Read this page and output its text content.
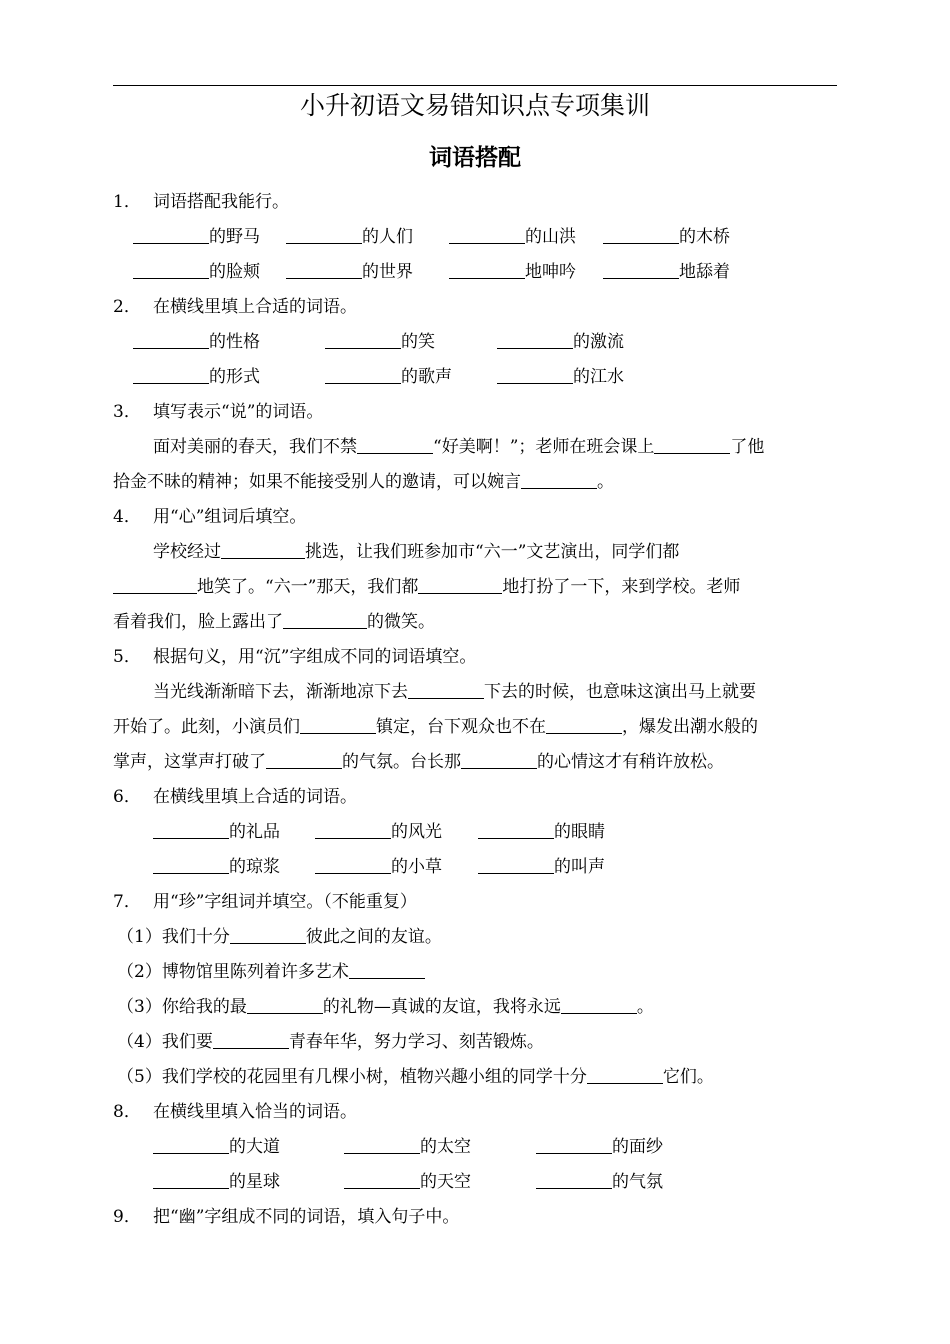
小升初语文易错知识点专项集训
词语搭配
1． 词语搭配我能行。
的野马	的人们	的山洪	的木桥
的脸颊	的世界	地呻吟	地舔着
2． 在横线里填上合适的词语。
的性格	的笑	的激流
的形式	的歌声	的江水
3． 填写表示“说”的词语。
面对美丽的春天，我们不禁	“好美啊！”；老师在班会课上	了他
拾金不昧的精神；如果不能接受别人的邀请，可以婉言	。
4． 用“心”组词后填空。
学校经过	挑选，让我们班参加市“六一”文艺演出，同学们都
地笑了。“六一”那天，我们都	地打扮了一下，来到学校。老师
看着我们，脸上露出了	的微笑。
5． 根据句义，用“沉”字组成不同的词语填空。
当光线渐渐暗下去，渐渐地凉下去	下去的时候，也意味这演出马上就要
开始了。此刻，小演员们	镇定，台下观众也不在	，爆发出潮水般的
掌声，这掌声打破了	的气氛。台长那	的心情这才有稍许放松。
6． 在横线里填上合适的词语。
的礼品	的风光	的眼睛
的琼浆	的小草	的叫声
7． 用“珍”字组词并填空。（不能重复）
（1）我们十分	彼此之间的友谊。
（2）博物馆里陈列着许多艺术
（3）你给我的最	的礼物—真诚的友谊，我将永远	。
（4）我们要	青春年华，努力学习、刻苦锻炼。
（5）我们学校的花园里有几棵小树，植物兴趣小组的同学十分	它们。
8． 在横线里填入恰当的词语。
的大道	的太空	的面纱
的星球	的天空	的气氛
9． 把“幽”字组成不同的词语，填入句子中。
